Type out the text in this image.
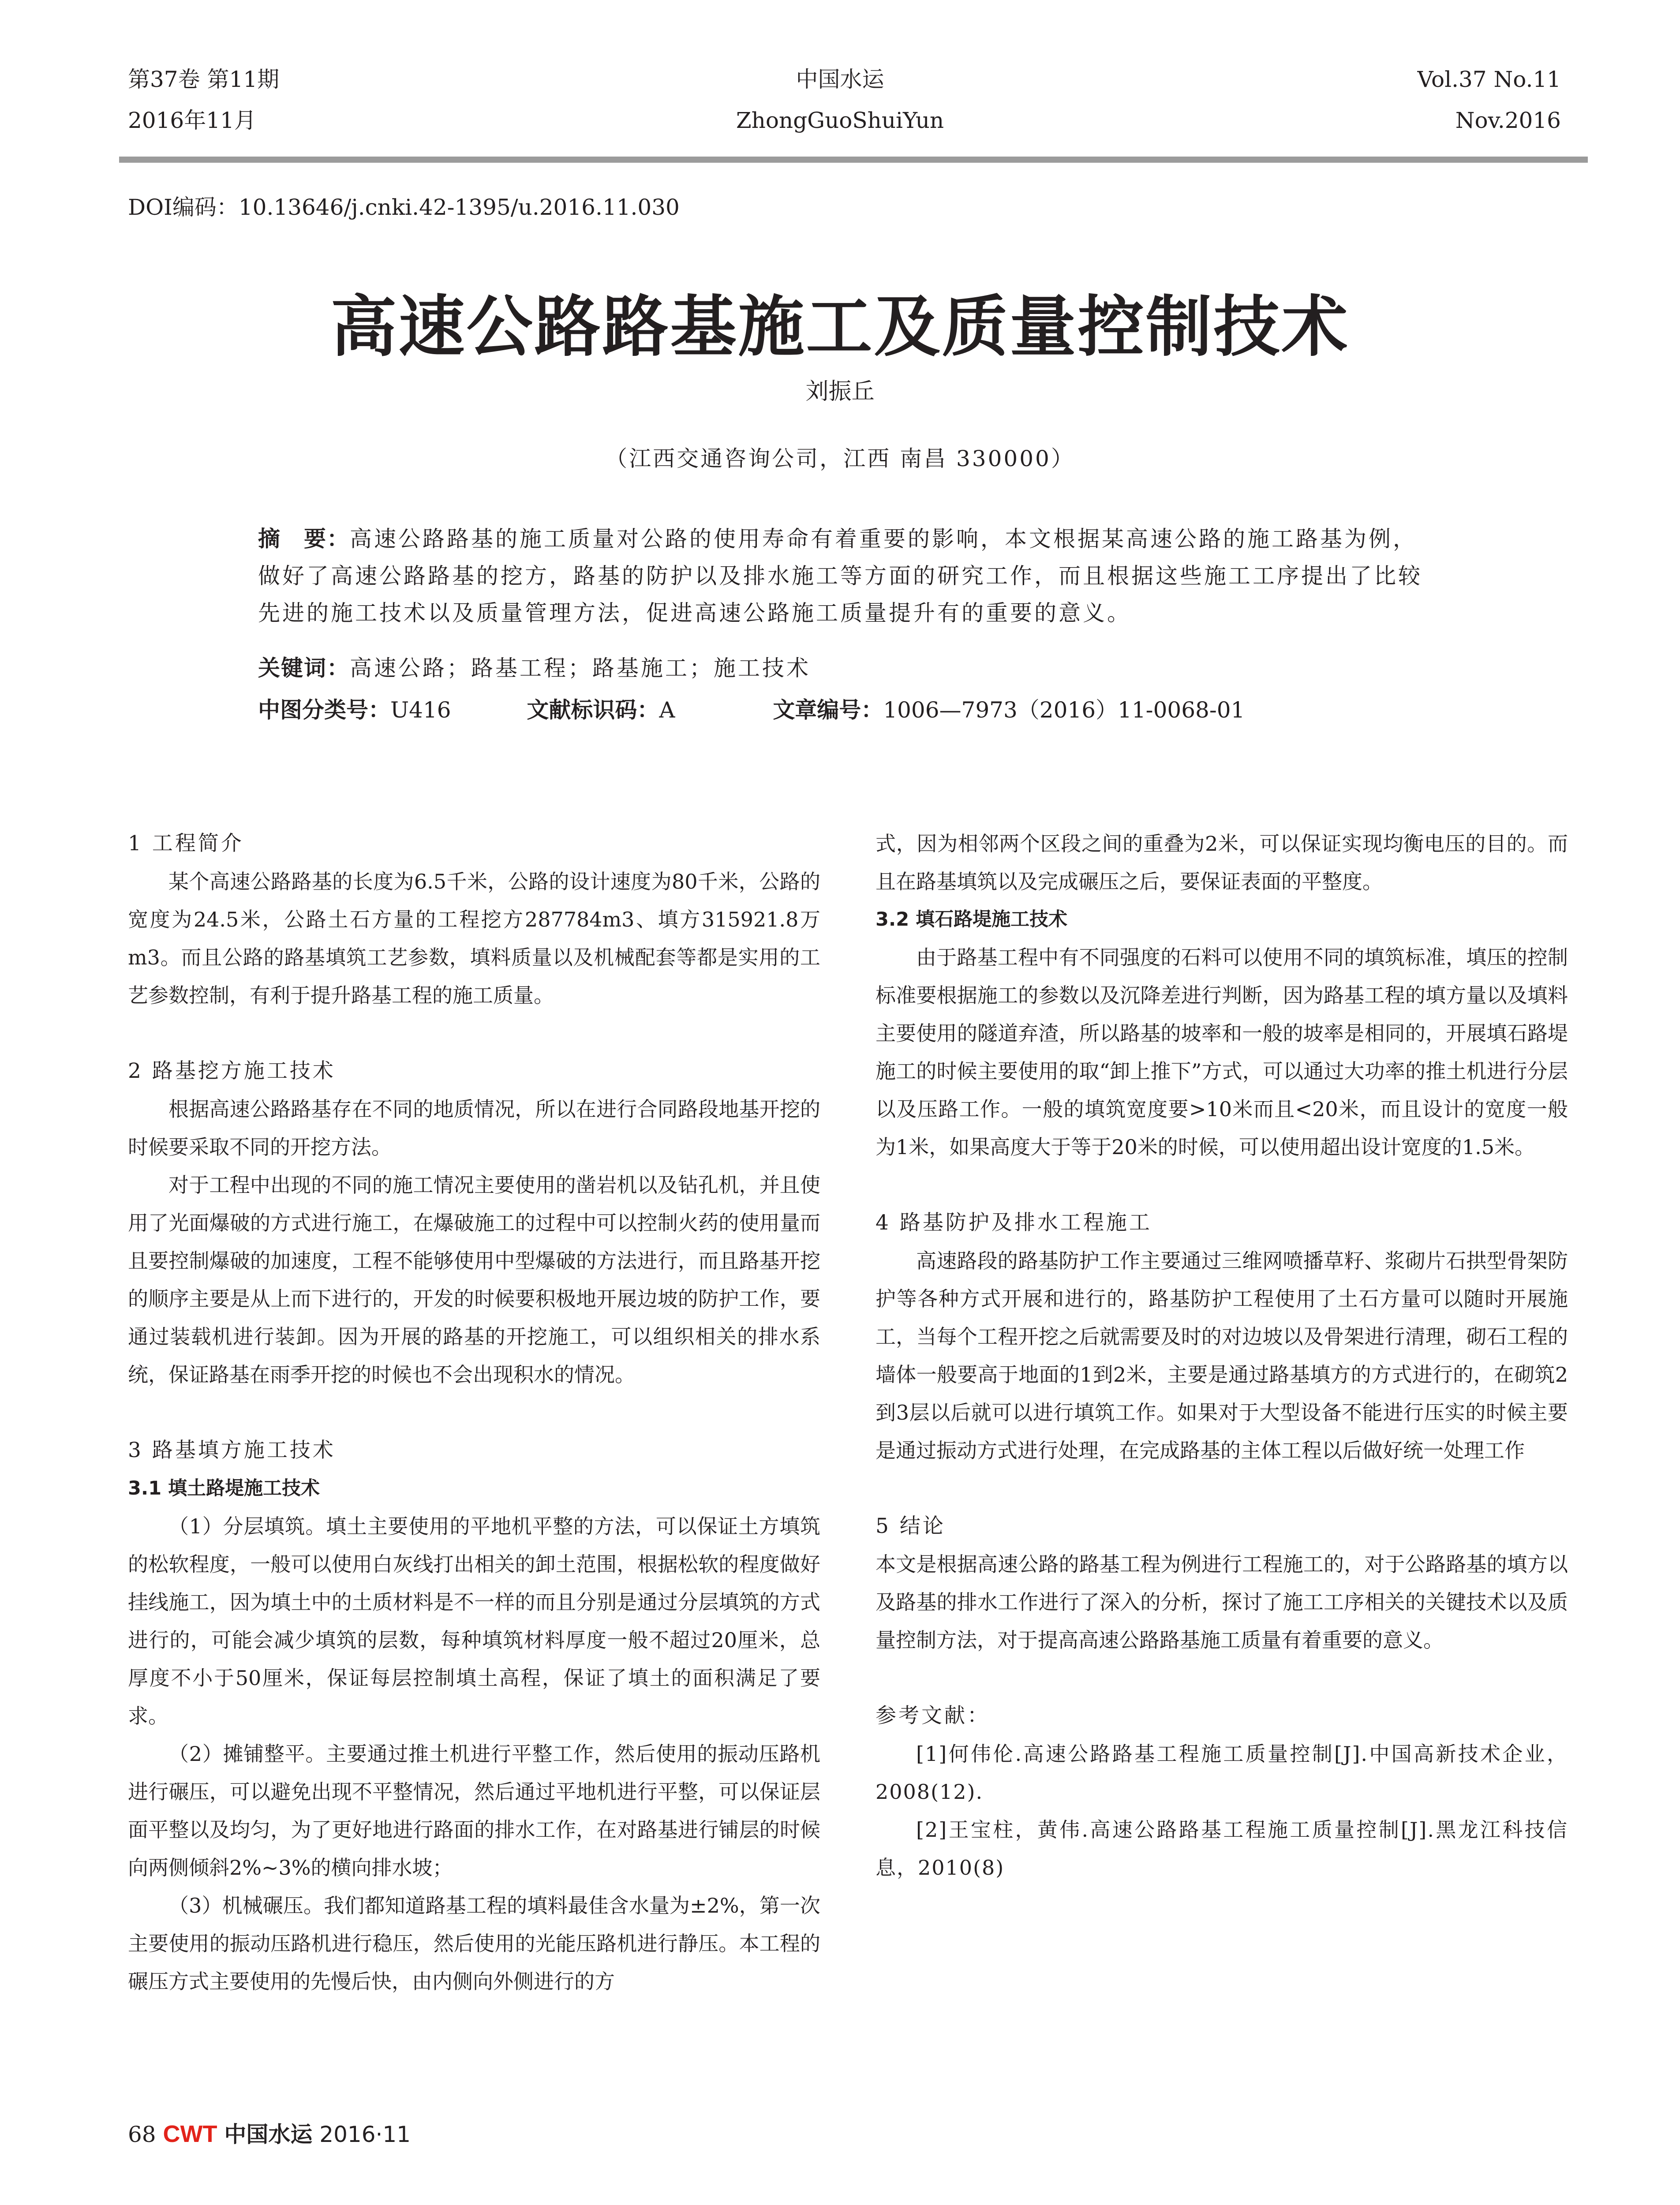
第37卷 第11期
2016年11月
中国水运
ZhongGuoShuiYun
Vol.37 No.11
Nov.2016
DOI编码：10.13646/j.cnki.42-1395/u.2016.11.030
高速公路路基施工及质量控制技术
刘振丘
（江西交通咨询公司，江西 南昌 330000）
摘　要：高速公路路基的施工质量对公路的使用寿命有着重要的影响，本文根据某高速公路的施工路基为例，做好了高速公路路基的挖方，路基的防护以及排水施工等方面的研究工作，而且根据这些施工工序提出了比较先进的施工技术以及质量管理方法，促进高速公路施工质量提升有的重要的意义。
关键词：高速公路；路基工程；路基施工；施工技术
中图分类号：U416	文献标识码：A	文章编号：1006—7973（2016）11-0068-01
1 工程简介

某个高速公路路基的长度为6.5千米，公路的设计速度为80千米，公路的宽度为24.5米，公路土石方量的工程挖方287784m3、填方315921.8万m3。而且公路的路基填筑工艺参数，填料质量以及机械配套等都是实用的工艺参数控制，有利于提升路基工程的施工质量。

2 路基挖方施工技术

根据高速公路路基存在不同的地质情况，所以在进行合同路段地基开挖的时候要采取不同的开挖方法。

对于工程中出现的不同的施工情况主要使用的凿岩机以及钻孔机，并且使用了光面爆破的方式进行施工，在爆破施工的过程中可以控制火药的使用量而且要控制爆破的加速度，工程不能够使用中型爆破的方法进行，而且路基开挖的顺序主要是从上而下进行的，开发的时候要积极地开展边坡的防护工作，要通过装载机进行装卸。因为开展的路基的开挖施工，可以组织相关的排水系统，保证路基在雨季开挖的时候也不会出现积水的情况。

3 路基填方施工技术
3.1 填土路堤施工技术

（1）分层填筑。填土主要使用的平地机平整的方法，可以保证土方填筑的松软程度，一般可以使用白灰线打出相关的卸土范围，根据松软的程度做好挂线施工，因为填土中的土质材料是不一样的而且分别是通过分层填筑的方式进行的，可能会减少填筑的层数，每种填筑材料厚度一般不超过20厘米，总厚度不小于50厘米，保证每层控制填土高程，保证了填土的面积满足了要求。

（2）摊铺整平。主要通过推土机进行平整工作，然后使用的振动压路机进行碾压，可以避免出现不平整情况，然后通过平地机进行平整，可以保证层面平整以及均匀，为了更好地进行路面的排水工作，在对路基进行铺层的时候向两侧倾斜2%~3%的横向排水坡；

（3）机械碾压。我们都知道路基工程的填料最佳含水量为±2%，第一次主要使用的振动压路机进行稳压，然后使用的光能压路机进行静压。本工程的碾压方式主要使用的先慢后快，由内侧向外侧进行的方

式，因为相邻两个区段之间的重叠为2米，可以保证实现均衡电压的目的。而且在路基填筑以及完成碾压之后，要保证表面的平整度。

3.2 填石路堤施工技术

由于路基工程中有不同强度的石料可以使用不同的填筑标准，填压的控制标准要根据施工的参数以及沉降差进行判断，因为路基工程的填方量以及填料主要使用的隧道弃渣，所以路基的坡率和一般的坡率是相同的，开展填石路堤施工的时候主要使用的取“卸上推下”方式，可以通过大功率的推土机进行分层以及压路工作。一般的填筑宽度要>10米而且<20米，而且设计的宽度一般为1米，如果高度大于等于20米的时候，可以使用超出设计宽度的1.5米。

4 路基防护及排水工程施工

高速路段的路基防护工作主要通过三维网喷播草籽、浆砌片石拱型骨架防护等各种方式开展和进行的，路基防护工程使用了土石方量可以随时开展施工，当每个工程开挖之后就需要及时的对边坡以及骨架进行清理，砌石工程的墙体一般要高于地面的1到2米，主要是通过路基填方的方式进行的，在砌筑2到3层以后就可以进行填筑工作。如果对于大型设备不能进行压实的时候主要是通过振动方式进行处理，在完成路基的主体工程以后做好统一处理工作

5 结论

本文是根据高速公路的路基工程为例进行工程施工的，对于公路路基的填方以及路基的排水工作进行了深入的分析，探讨了施工工序相关的关键技术以及质量控制方法，对于提高高速公路路基施工质量有着重要的意义。

参考文献：

[1]何伟伦.高速公路路基工程施工质量控制[J].中国高新技术企业，2008(12).

[2]王宝柱，黄伟.高速公路路基工程施工质量控制[J].黑龙江科技信息，2010(8)

68 CWT 中国水运 2016·11
